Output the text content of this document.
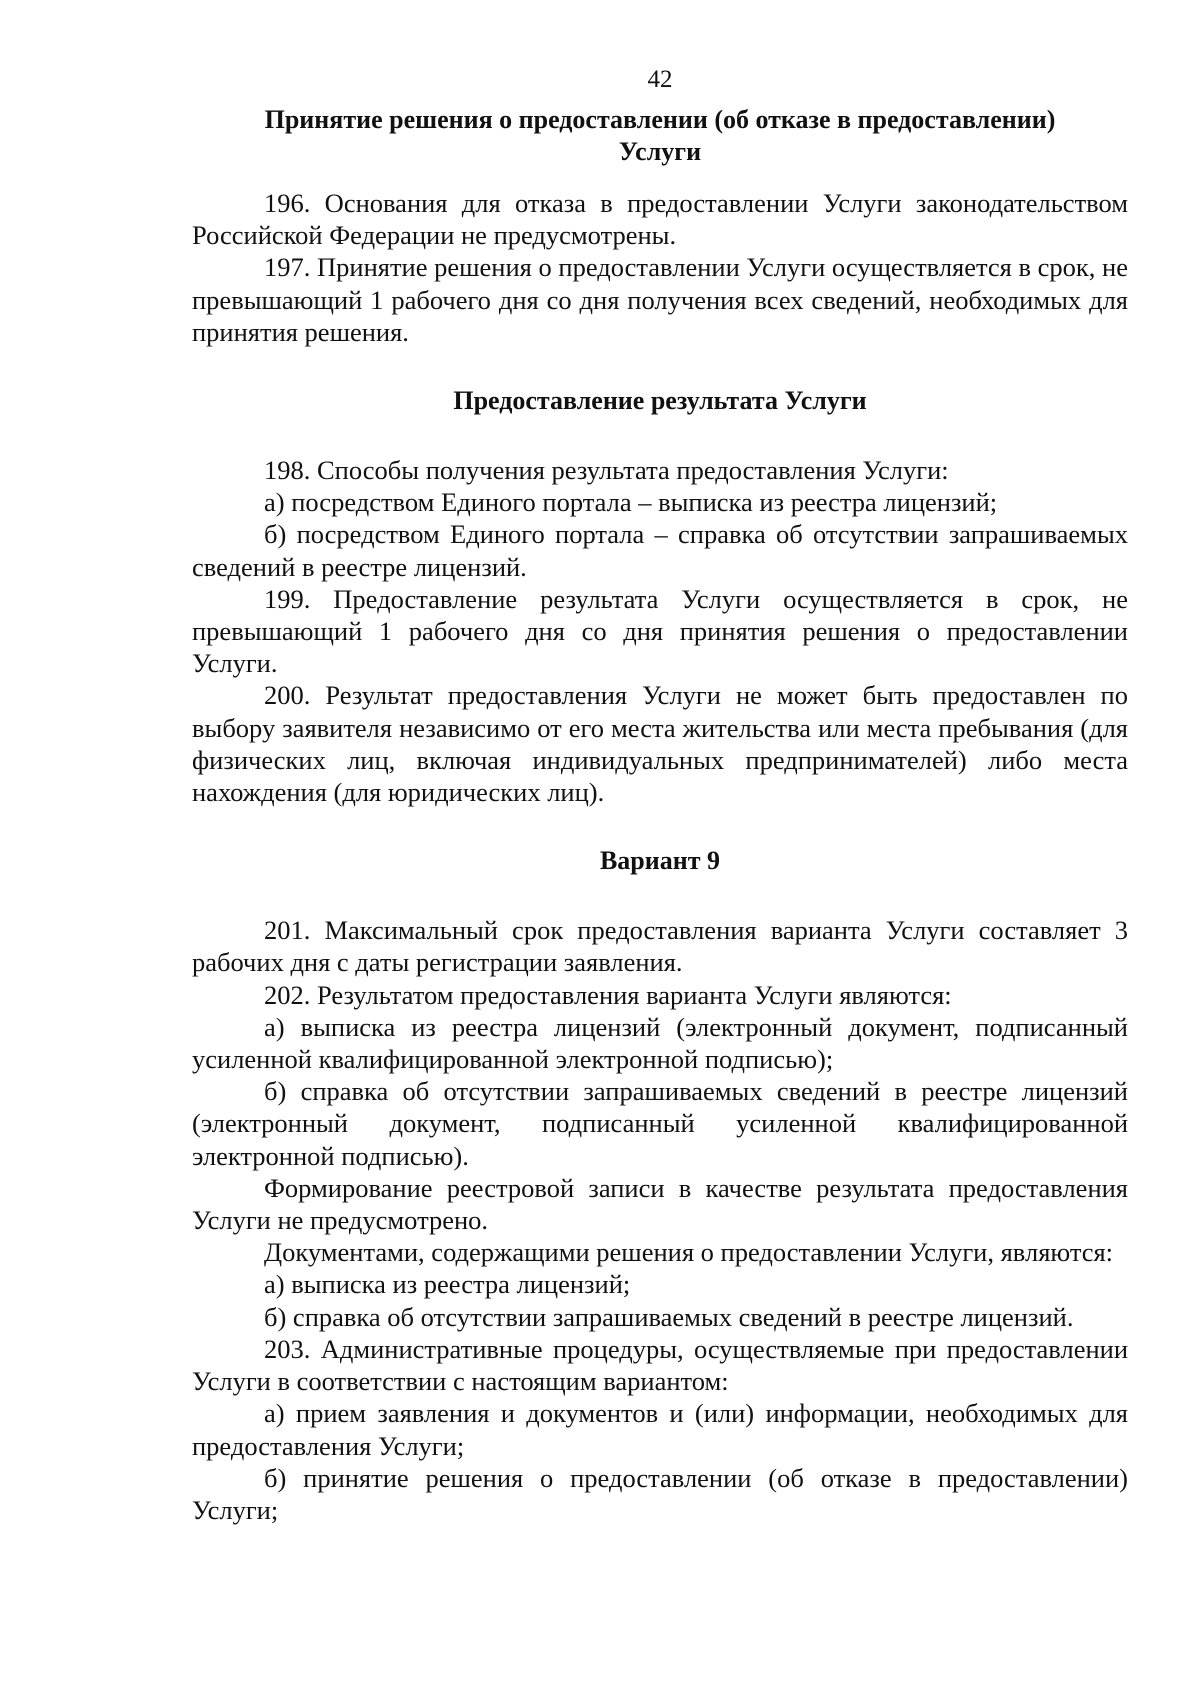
42
Принятие решения о предоставлении (об отказе в предоставлении)
Услуги

196. Основания для отказа в предоставлении Услуги законодательством Российской Федерации не предусмотрены.

197. Принятие решения о предоставлении Услуги осуществляется в срок, не превышающий 1 рабочего дня со дня получения всех сведений, необходимых для принятия решения.

Предоставление результата Услуги

198. Способы получения результата предоставления Услуги:

а) посредством Единого портала – выписка из реестра лицензий;

б) посредством Единого портала – справка об отсутствии запрашиваемых сведений в реестре лицензий.

199. Предоставление результата Услуги осуществляется в срок, не превышающий 1 рабочего дня со дня принятия решения о предоставлении Услуги.

200. Результат предоставления Услуги не может быть предоставлен по выбору заявителя независимо от его места жительства или места пребывания (для физических лиц, включая индивидуальных предпринимателей) либо места нахождения (для юридических лиц).

Вариант 9

201. Максимальный срок предоставления варианта Услуги составляет 3 рабочих дня с даты регистрации заявления.

202. Результатом предоставления варианта Услуги являются:

а) выписка из реестра лицензий (электронный документ, подписанный усиленной квалифицированной электронной подписью);

б) справка об отсутствии запрашиваемых сведений в реестре лицензий (электронный документ, подписанный усиленной квалифицированной электронной подписью).

Формирование реестровой записи в качестве результата предоставления Услуги не предусмотрено.

Документами, содержащими решения о предоставлении Услуги, являются:

а) выписка из реестра лицензий;

б) справка об отсутствии запрашиваемых сведений в реестре лицензий.

203. Административные процедуры, осуществляемые при предоставлении Услуги в соответствии с настоящим вариантом:

а) прием заявления и документов и (или) информации, необходимых для предоставления Услуги;

б) принятие решения о предоставлении (об отказе в предоставлении) Услуги;
